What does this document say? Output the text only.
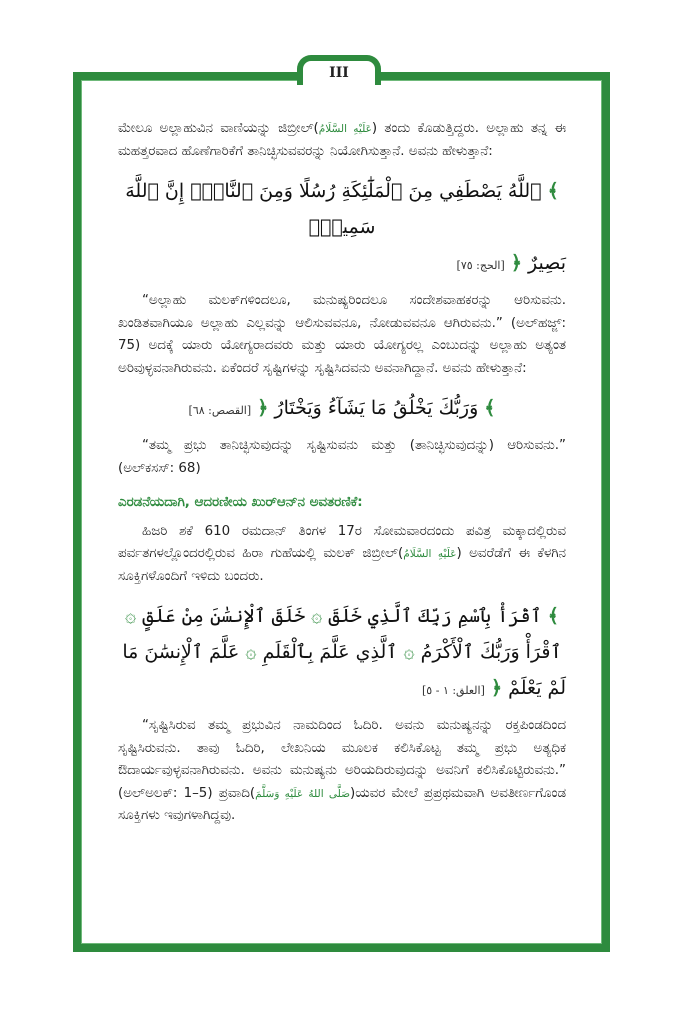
III

ಮೇಲೂ ಅಲ್ಲಾಹುವಿನ ವಾಣಿಯನ್ನು ಜಿಬ್ರೀಲ್(عَلَيْهِ السَّلَامُ) ತಂದು ಕೊಡುತ್ತಿದ್ದರು. ಅಲ್ಲಾಹು ತನ್ನ ಈ ಮಹತ್ತರವಾದ ಹೊಣೆಗಾರಿಕೆಗೆ ತಾನಿಚ್ಛಿಸುವವರನ್ನು ನಿಯೋಗಿಸುತ್ತಾನೆ. ಅವನು ಹೇಳುತ್ತಾನೆ:

﴾ ٱللَّهُ يَصْطَفِي مِنَ ٱلْمَلَٰٓئِكَةِ رُسُلًا وَمِنَ ٱلنَّاسِۚ إِنَّ ٱللَّهَ سَمِيعُۢ
بَصِيرٌ ﴿ [الحج: ٧٥]

“ಅಲ್ಲಾಹು ಮಲಕ್‌ಗಳಿಂದಲೂ, ಮನುಷ್ಯರಿಂದಲೂ ಸಂದೇಶವಾಹಕರನ್ನು ಆರಿಸುವನು. ಖಂಡಿತವಾಗಿಯೂ ಅಲ್ಲಾಹು ಎಲ್ಲವನ್ನು ಆಲಿಸುವವನೂ, ನೋಡುವವನೂ ಆಗಿರುವನು.” (ಅಲ್‌ಹಜ್ಜ್: 75) ಅದಕ್ಕೆ ಯಾರು ಯೋಗ್ಯರಾದವರು ಮತ್ತು ಯಾರು ಯೋಗ್ಯರಲ್ಲ ಎಂಬುದನ್ನು ಅಲ್ಲಾಹು ಅತ್ಯಂತ ಅರಿವುಳ್ಳವನಾಗಿರುವನು. ಏಕೆಂದರೆ ಸೃಷ್ಟಿಗಳನ್ನು ಸೃಷ್ಟಿಸಿದವನು ಅವನಾಗಿದ್ದಾನೆ. ಅವನು ಹೇಳುತ್ತಾನೆ:

﴾ وَرَبُّكَ يَخْلُقُ مَا يَشَآءُ وَيَخْتَارُ ﴿ [القصص: ٦٨]

“ತಮ್ಮ ಪ್ರಭು ತಾನಿಚ್ಛಿಸುವುದನ್ನು ಸೃಷ್ಟಿಸುವನು ಮತ್ತು (ತಾನಿಚ್ಛಿಸುವುದನ್ನು) ಆರಿಸುವನು.” (ಅಲ್‌ಕಸಸ್: 68)

ಎರಡನೆಯದಾಗಿ, ಆದರಣೀಯ ಖುರ್‌ಆನ್‌ನ ಅವತರಣಿಕೆ:

ಹಿಜರಿ ಶಕೆ 610 ರಮದಾನ್ ತಿಂಗಳ 17ರ ಸೋಮವಾರದಂದು ಪವಿತ್ರ ಮಕ್ಕಾದಲ್ಲಿರುವ ಪರ್ವತಗಳಲ್ಲೊಂದರಲ್ಲಿರುವ ಹಿರಾ ಗುಹೆಯಲ್ಲಿ ಮಲಕ್ ಜಿಬ್ರೀಲ್(عَلَيْهِ السَّلَامُ) ಅವರೆಡೆಗೆ ಈ ಕೆಳಗಿನ ಸೂಕ್ತಿಗಳೊಂದಿಗೆ ಇಳಿದು ಬಂದರು.

﴾ ٱقْرَأْ بِٱسْمِ رَبِّكَ ٱلَّذِي خَلَقَ ۞ خَلَقَ ٱلْإِنسَٰنَ مِنْ عَلَقٍ ۞
ٱقْرَأْ وَرَبُّكَ ٱلْأَكْرَمُ ۞ ٱلَّذِي عَلَّمَ بِٱلْقَلَمِ ۞ عَلَّمَ ٱلْإِنسَٰنَ مَا
لَمْ يَعْلَمْ ﴿ [العلق: ١ - ٥]

“ಸೃಷ್ಟಿಸಿರುವ ತಮ್ಮ ಪ್ರಭುವಿನ ನಾಮದಿಂದ ಓದಿರಿ. ಅವನು ಮನುಷ್ಯನನ್ನು ರಕ್ತಪಿಂಡದಿಂದ ಸೃಷ್ಟಿಸಿರುವನು. ತಾವು ಓದಿರಿ, ಲೇಖನಿಯ ಮೂಲಕ ಕಲಿಸಿಕೊಟ್ಟ ತಮ್ಮ ಪ್ರಭು ಅತ್ಯಧಿಕ ಔದಾರ್ಯವುಳ್ಳವನಾಗಿರುವನು. ಅವನು ಮನುಷ್ಯನು ಅರಿಯದಿರುವುದನ್ನು ಅವನಿಗೆ ಕಲಿಸಿಕೊಟ್ಟಿರುವನು.” (ಅಲ್‌ಅಲಕ್: 1–5) ಪ್ರವಾದಿ(صَلَّى اللهُ عَلَيْهِ وَسَلَّمَ)ಯವರ ಮೇಲೆ ಪ್ರಪ್ರಥಮವಾಗಿ ಅವತೀರ್ಣಗೊಂಡ ಸೂಕ್ತಿಗಳು ಇವುಗಳಾಗಿದ್ದವು.
